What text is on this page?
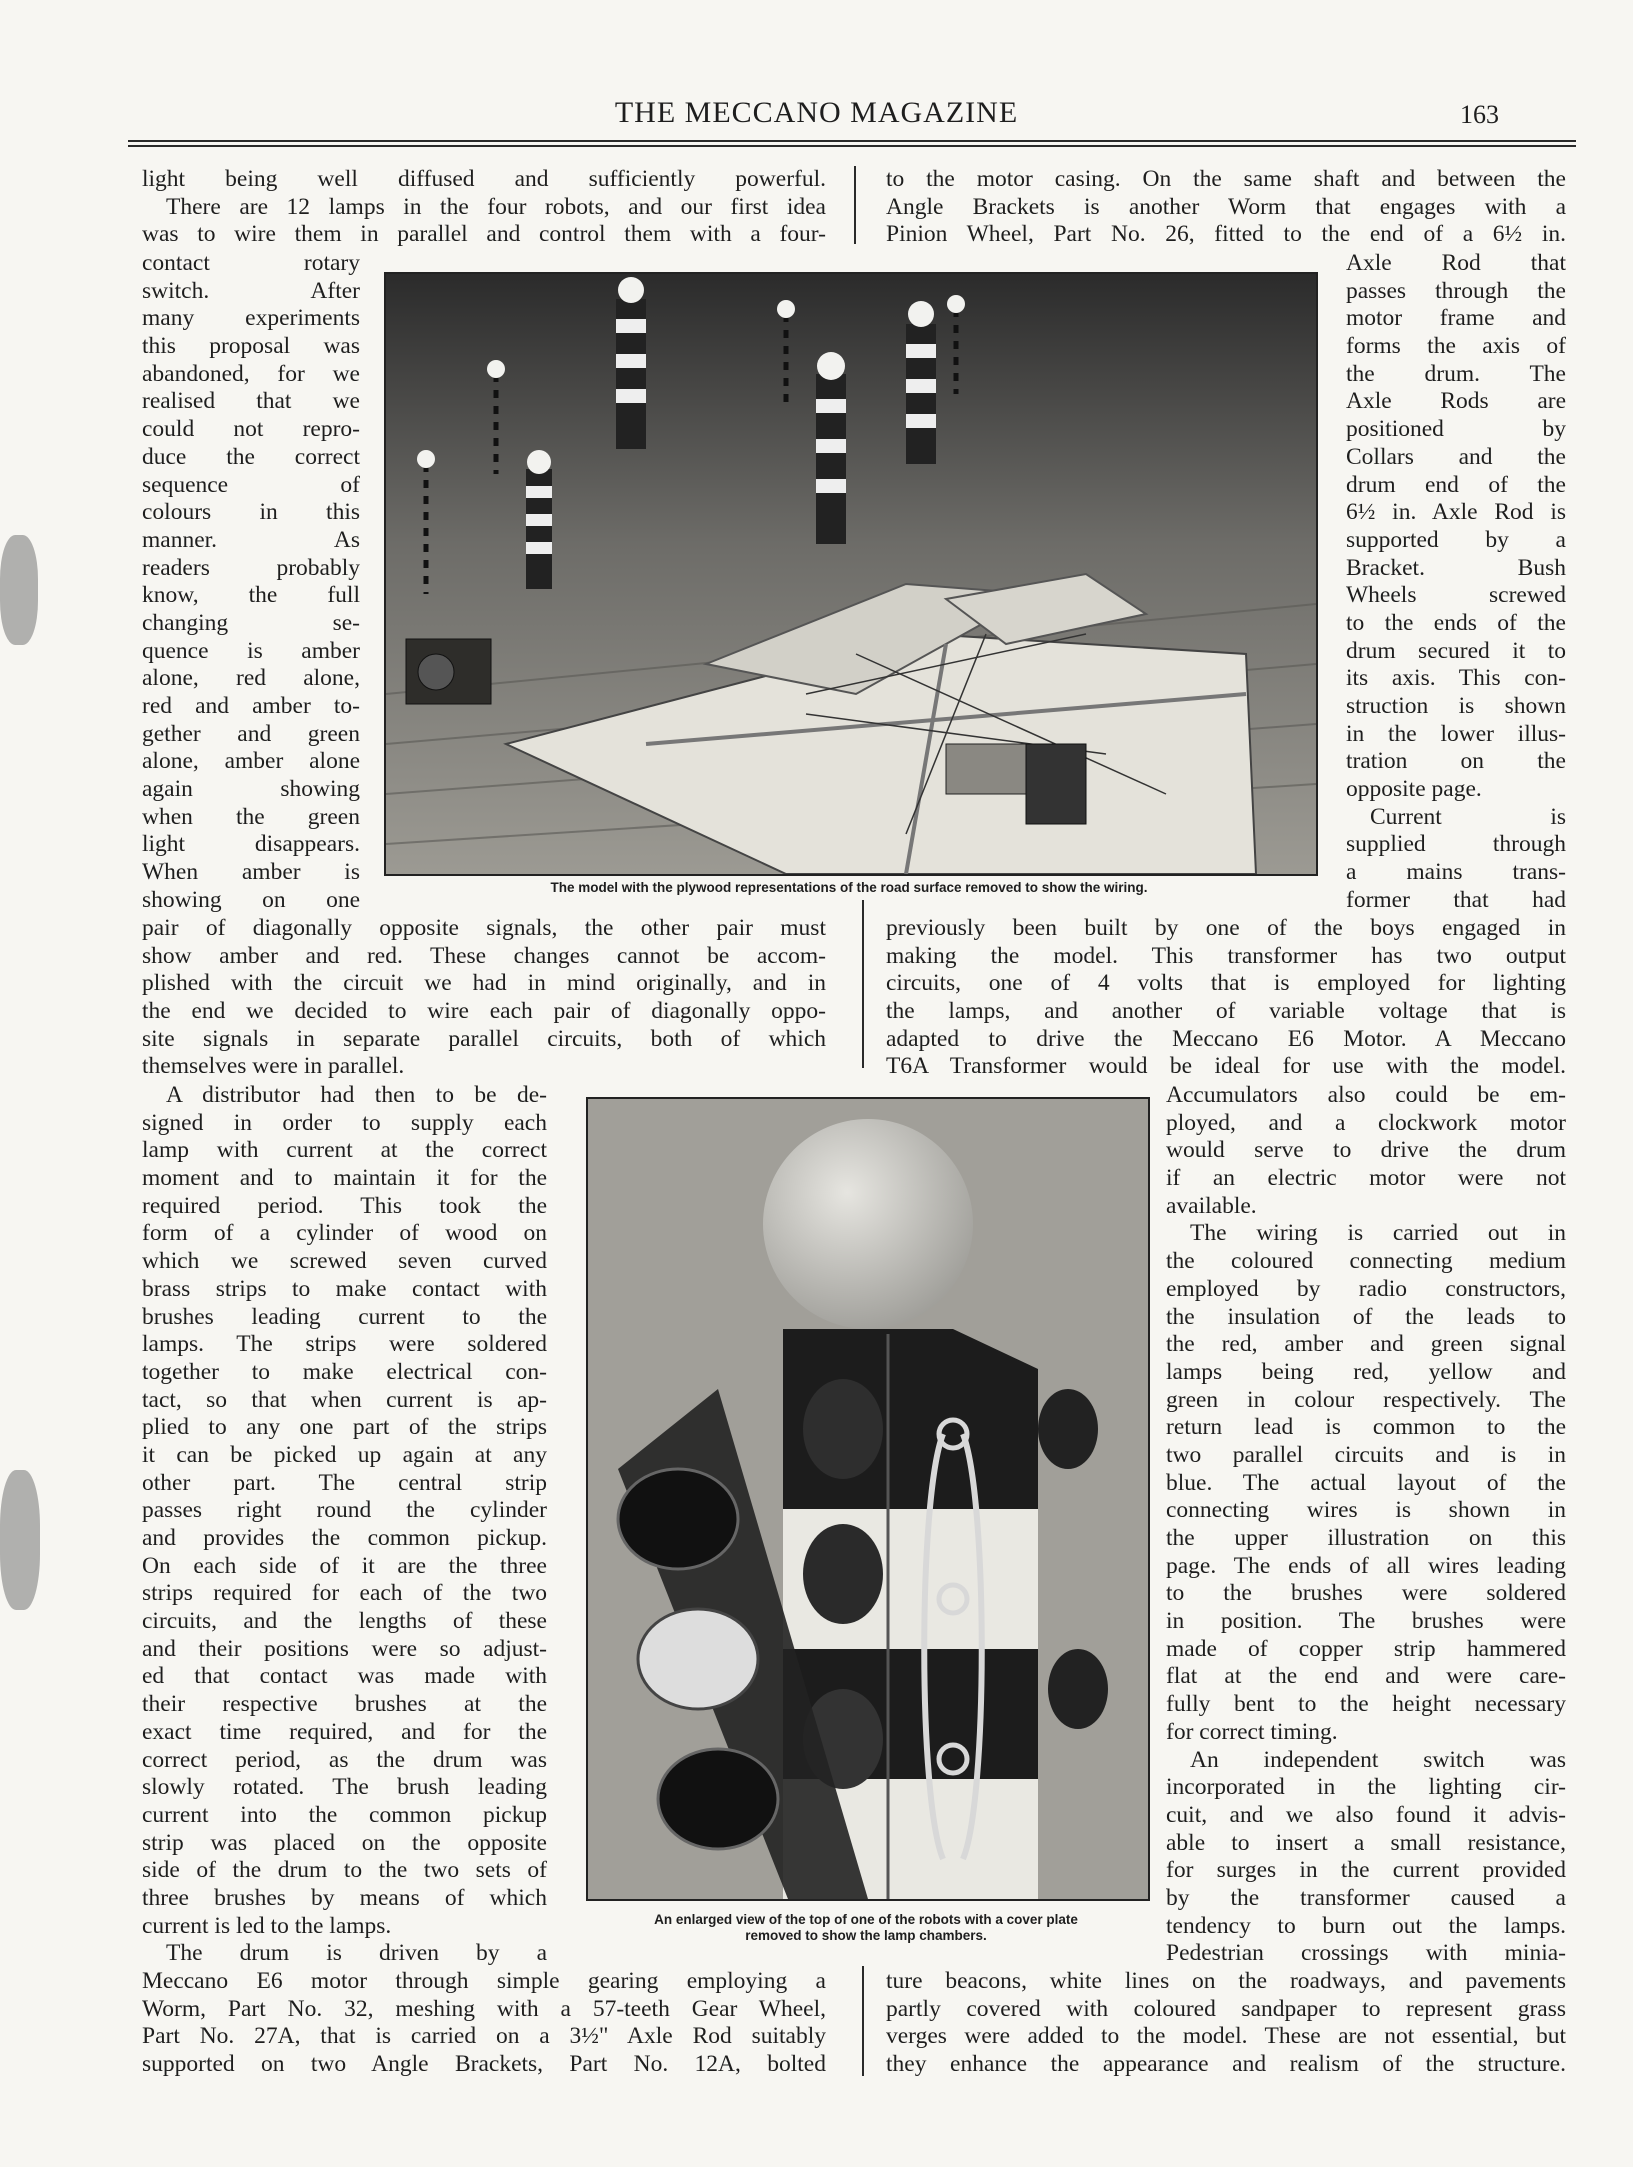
THE MECCANO MAGAZINE	163
light being well diffused and sufficiently powerful.
There are 12 lamps in the four robots, and our first idea
was to wire them in parallel and control them with a four-
contact rotary
switch. After
many experiments
this proposal was
abandoned, for we
realised that we
could not repro-
duce the correct
sequence of
colours in this
manner. As
readers probably
know, the full
changing se-
quence is amber
alone, red alone,
red and amber to-
gether and green
alone, amber alone
again showing
when the green
light disappears.
When amber is
showing on one
pair of diagonally opposite signals, the other pair must
show amber and red. These changes cannot be accom-
plished with the circuit we had in mind originally, and in
the end we decided to wire each pair of diagonally oppo-
site signals in separate parallel circuits, both of which
themselves were in parallel.
A distributor had then to be de-
signed in order to supply each
lamp with current at the correct
moment and to maintain it for the
required period. This took the
form of a cylinder of wood on
which we screwed seven curved
brass strips to make contact with
brushes leading current to the
lamps. The strips were soldered
together to make electrical con-
tact, so that when current is ap-
plied to any one part of the strips
it can be picked up again at any
other part. The central strip
passes right round the cylinder
and provides the common pickup.
On each side of it are the three
strips required for each of the two
circuits, and the lengths of these
and their positions were so adjust-
ed that contact was made with
their respective brushes at the
exact time required, and for the
correct period, as the drum was
slowly rotated. The brush leading
current into the common pickup
strip was placed on the opposite
side of the drum to the two sets of
three brushes by means of which
current is led to the lamps.
The drum is driven by a
Meccano E6 motor through simple gearing employing a
Worm, Part No. 32, meshing with a 57-teeth Gear Wheel,
Part No. 27A, that is carried on a 3½" Axle Rod suitably
supported on two Angle Brackets, Part No. 12A, bolted
to the motor casing. On the same shaft and between the
Angle Brackets is another Worm that engages with a
Pinion Wheel, Part No. 26, fitted to the end of a 6½ in.
Axle Rod that
passes through the
motor frame and
forms the axis of
the drum. The
Axle Rods are
positioned by
Collars and the
drum end of the
6½ in. Axle Rod is
supported by a
Bracket. Bush
Wheels screwed
to the ends of the
drum secured it to
its axis. This con-
struction is shown
in the lower illus-
tration on the
opposite page.
Current is
supplied through
a mains trans-
former that had
previously been built by one of the boys engaged in
making the model. This transformer has two output
circuits, one of 4 volts that is employed for lighting
the lamps, and another of variable voltage that is
adapted to drive the Meccano E6 Motor. A Meccano
T6A Transformer would be ideal for use with the model.
Accumulators also could be em-
ployed, and a clockwork motor
would serve to drive the drum
if an electric motor were not
available.
The wiring is carried out in
the coloured connecting medium
employed by radio constructors,
the insulation of the leads to
the red, amber and green signal
lamps being red, yellow and
green in colour respectively. The
return lead is common to the
two parallel circuits and is in
blue. The actual layout of the
connecting wires is shown in
the upper illustration on this
page. The ends of all wires leading
to the brushes were soldered
in position. The brushes were
made of copper strip hammered
flat at the end and were care-
fully bent to the height necessary
for correct timing.
An independent switch was
incorporated in the lighting cir-
cuit, and we also found it advis-
able to insert a small resistance,
for surges in the current provided
by the transformer caused a
tendency to burn out the lamps.
Pedestrian crossings with minia-
ture beacons, white lines on the roadways, and pavements
partly covered with coloured sandpaper to represent grass
verges were added to the model. These are not essential, but
they enhance the appearance and realism of the structure.
The model with the plywood representations of the road surface removed to show the wiring.
An enlarged view of the top of one of the robots with a cover plate
removed to show the lamp chambers.
